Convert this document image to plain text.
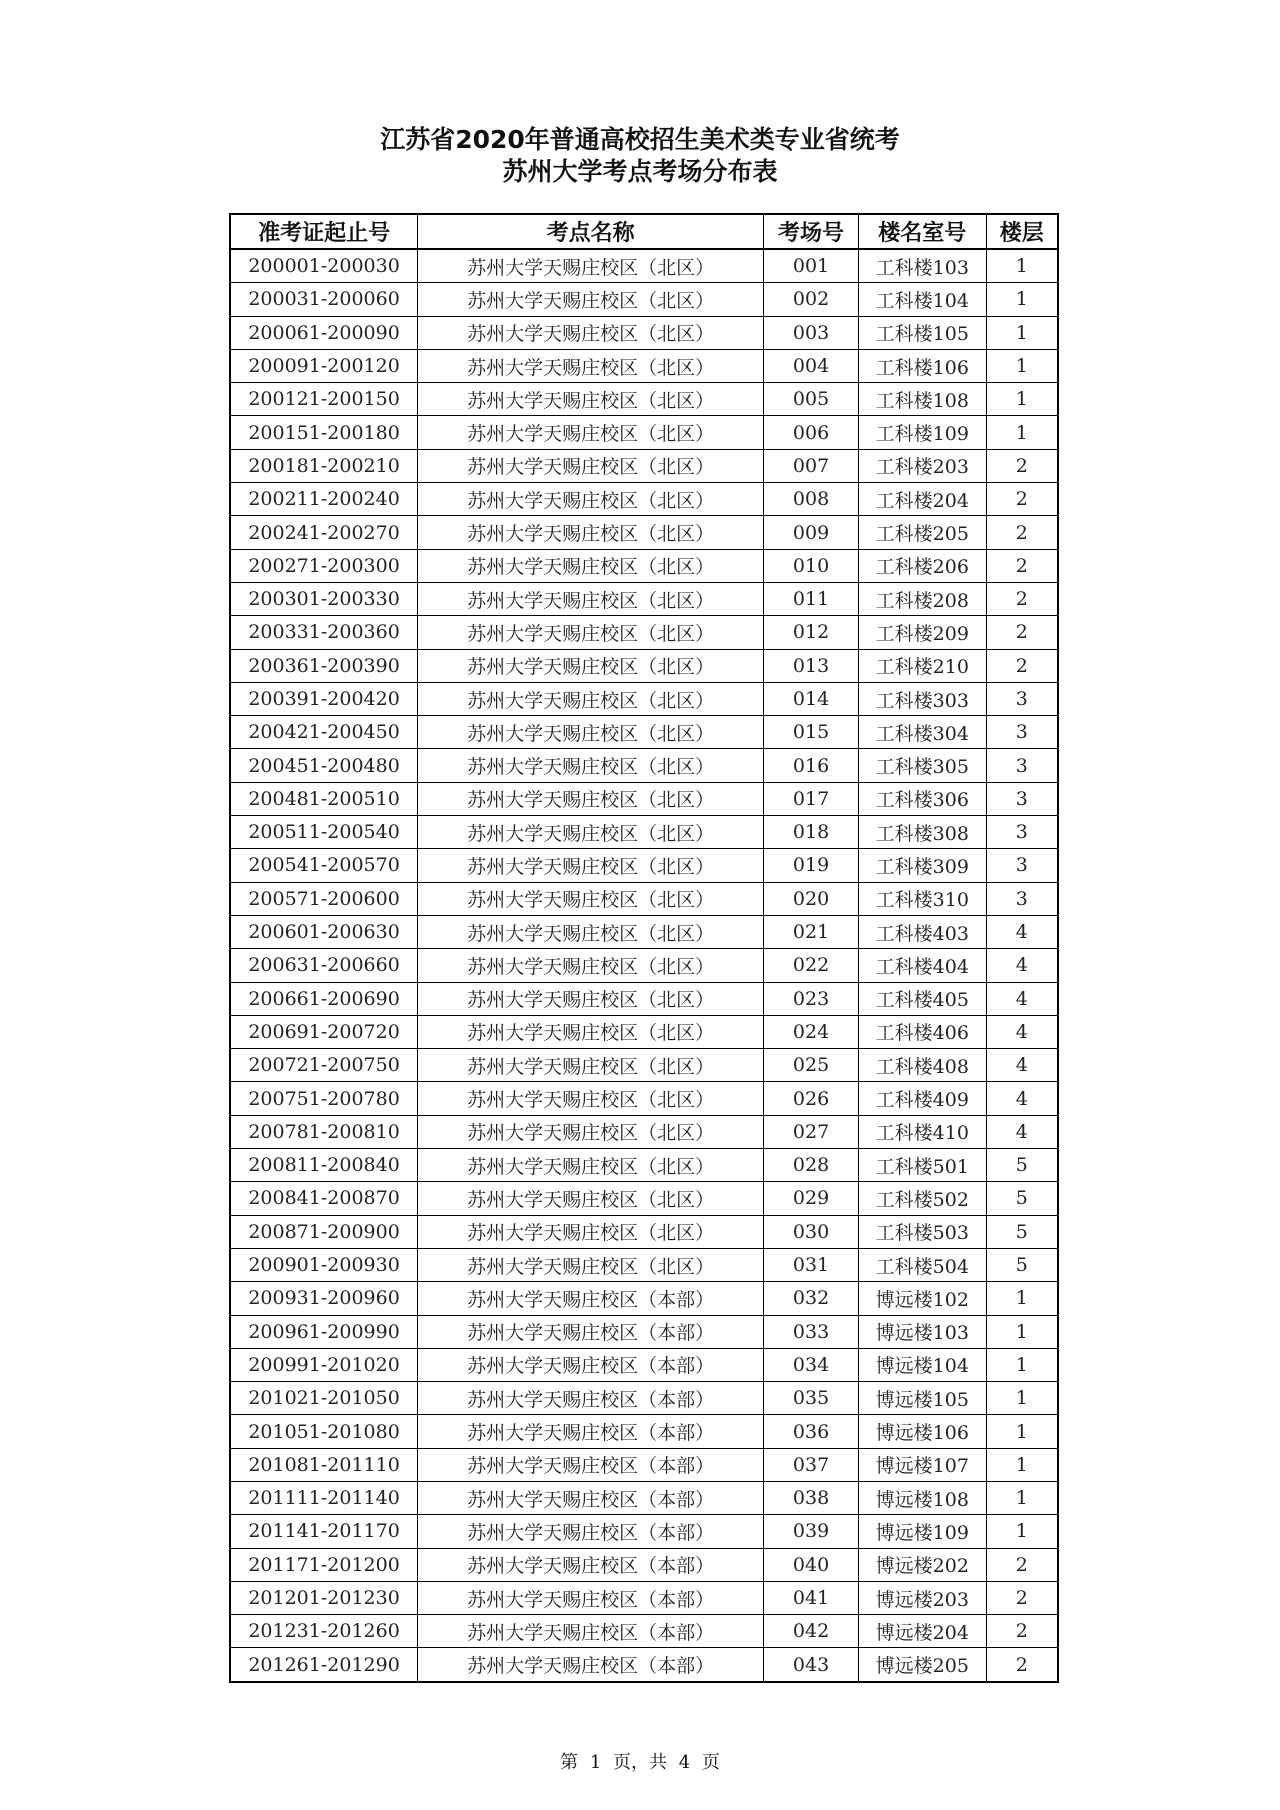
江苏省2020年普通高校招生美术类专业省统考
苏州大学考点考场分布表
准考证起止号	考点名称	考场号	楼名室号	楼层
200001-200030	苏州大学天赐庄校区（北区）	001	工科楼103	1
200031-200060	苏州大学天赐庄校区（北区）	002	工科楼104	1
200061-200090	苏州大学天赐庄校区（北区）	003	工科楼105	1
200091-200120	苏州大学天赐庄校区（北区）	004	工科楼106	1
200121-200150	苏州大学天赐庄校区（北区）	005	工科楼108	1
200151-200180	苏州大学天赐庄校区（北区）	006	工科楼109	1
200181-200210	苏州大学天赐庄校区（北区）	007	工科楼203	2
200211-200240	苏州大学天赐庄校区（北区）	008	工科楼204	2
200241-200270	苏州大学天赐庄校区（北区）	009	工科楼205	2
200271-200300	苏州大学天赐庄校区（北区）	010	工科楼206	2
200301-200330	苏州大学天赐庄校区（北区）	011	工科楼208	2
200331-200360	苏州大学天赐庄校区（北区）	012	工科楼209	2
200361-200390	苏州大学天赐庄校区（北区）	013	工科楼210	2
200391-200420	苏州大学天赐庄校区（北区）	014	工科楼303	3
200421-200450	苏州大学天赐庄校区（北区）	015	工科楼304	3
200451-200480	苏州大学天赐庄校区（北区）	016	工科楼305	3
200481-200510	苏州大学天赐庄校区（北区）	017	工科楼306	3
200511-200540	苏州大学天赐庄校区（北区）	018	工科楼308	3
200541-200570	苏州大学天赐庄校区（北区）	019	工科楼309	3
200571-200600	苏州大学天赐庄校区（北区）	020	工科楼310	3
200601-200630	苏州大学天赐庄校区（北区）	021	工科楼403	4
200631-200660	苏州大学天赐庄校区（北区）	022	工科楼404	4
200661-200690	苏州大学天赐庄校区（北区）	023	工科楼405	4
200691-200720	苏州大学天赐庄校区（北区）	024	工科楼406	4
200721-200750	苏州大学天赐庄校区（北区）	025	工科楼408	4
200751-200780	苏州大学天赐庄校区（北区）	026	工科楼409	4
200781-200810	苏州大学天赐庄校区（北区）	027	工科楼410	4
200811-200840	苏州大学天赐庄校区（北区）	028	工科楼501	5
200841-200870	苏州大学天赐庄校区（北区）	029	工科楼502	5
200871-200900	苏州大学天赐庄校区（北区）	030	工科楼503	5
200901-200930	苏州大学天赐庄校区（北区）	031	工科楼504	5
200931-200960	苏州大学天赐庄校区（本部）	032	博远楼102	1
200961-200990	苏州大学天赐庄校区（本部）	033	博远楼103	1
200991-201020	苏州大学天赐庄校区（本部）	034	博远楼104	1
201021-201050	苏州大学天赐庄校区（本部）	035	博远楼105	1
201051-201080	苏州大学天赐庄校区（本部）	036	博远楼106	1
201081-201110	苏州大学天赐庄校区（本部）	037	博远楼107	1
201111-201140	苏州大学天赐庄校区（本部）	038	博远楼108	1
201141-201170	苏州大学天赐庄校区（本部）	039	博远楼109	1
201171-201200	苏州大学天赐庄校区（本部）	040	博远楼202	2
201201-201230	苏州大学天赐庄校区（本部）	041	博远楼203	2
201231-201260	苏州大学天赐庄校区（本部）	042	博远楼204	2
201261-201290	苏州大学天赐庄校区（本部）	043	博远楼205	2
第 1 页，共 4 页
